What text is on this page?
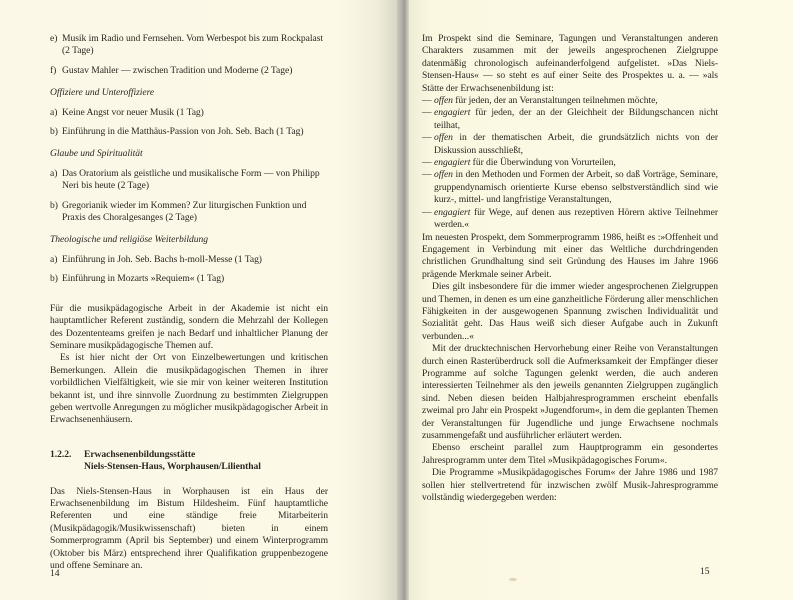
e) Musik im Radio und Fernsehen. Vom Werbespot bis zum Rockpalast (2 Tage)
f) Gustav Mahler — zwischen Tradition und Moderne (2 Tage)
Offiziere und Unteroffiziere
a) Keine Angst vor neuer Musik (1 Tag)
b) Einführung in die Matthäus-Passion von Joh. Seb. Bach (1 Tag)
Glaube und Spiritualität
a) Das Oratorium als geistliche und musikalische Form — von Philipp Neri bis heute (2 Tage)
b) Gregorianik wieder im Kommen? Zur liturgischen Funktion und Praxis des Choralgesanges (2 Tage)
Theologische und religiöse Weiterbildung
a) Einführung in Joh. Seb. Bachs h-moll-Messe (1 Tag)
b) Einführung in Mozarts »Requiem« (1 Tag)

Für die musikpädagogische Arbeit in der Akademie ist nicht ein hauptamtlicher Referent zuständig, sondern die Mehrzahl der Kollegen des Dozententeams greifen je nach Bedarf und inhaltlicher Planung der Seminare musikpädagogische Themen auf.

Es ist hier nicht der Ort von Einzelbewertungen und kritischen Bemerkungen. Allein die musikpädagogischen Themen in ihrer vorbildlichen Vielfältigkeit, wie sie mir von keiner weiteren Institution bekannt ist, und ihre sinnvolle Zuordnung zu bestimmten Zielgruppen geben wertvolle Anregungen zu möglicher musikpädagogischer Arbeit in Erwachsenenhäusern.

1.2.2.	Erwachsenenbildungsstätte
Niels-Stensen-Haus, Worphausen/Lilienthal

Das Niels-Stensen-Haus in Worphausen ist ein Haus der Erwachsenenbildung im Bistum Hildesheim. Fünf hauptamtliche Referenten und eine ständige freie Mitarbeiterin (Musikpädagogik/Musikwissenschaft) bieten in einem Sommerprogramm (April bis September) und einem Winterprogramm (Oktober bis März) entsprechend ihrer Qualifikation gruppenbezogene und offene Seminare an.

14

Im Prospekt sind die Seminare, Tagungen und Veranstaltungen anderen Charakters zusammen mit der jeweils angesprochenen Zielgruppe datenmäßig chronologisch aufeinanderfolgend aufgelistet. »Das Niels-Stensen-Haus« — so steht es auf einer Seite des Prospektes u. a. — »als Stätte der Erwachsenenbildung ist:

— offen für jeden, der an Veranstaltungen teilnehmen möchte,
— engagiert für jeden, der an der Gleichheit der Bildungschancen nicht teilhat,
— offen in der thematischen Arbeit, die grundsätzlich nichts von der Diskussion ausschließt,
— engagiert für die Überwindung von Vorurteilen,
— offen in den Methoden und Formen der Arbeit, so daß Vorträge, Seminare, gruppendynamisch orientierte Kurse ebenso selbstverständlich sind wie kurz-, mittel- und langfristige Veranstaltungen,
— engagiert für Wege, auf denen aus rezeptiven Hörern aktive Teilnehmer werden.«

Im neuesten Prospekt, dem Sommerprogramm 1986, heißt es :»Offenheit und Engagement in Verbindung mit einer das Weltliche durchdringenden christlichen Grundhaltung sind seit Gründung des Hauses im Jahre 1966 prägende Merkmale seiner Arbeit.

Dies gilt insbesondere für die immer wieder angesprochenen Zielgruppen und Themen, in denen es um eine ganzheitliche Förderung aller menschlichen Fähigkeiten in der ausgewogenen Spannung zwischen Individualität und Sozialität geht. Das Haus weiß sich dieser Aufgabe auch in Zukunft verbunden...«

Mit der drucktechnischen Hervorhebung einer Reihe von Veranstaltungen durch einen Rasterüberdruck soll die Aufmerksamkeit der Empfänger dieser Programme auf solche Tagungen gelenkt werden, die auch anderen interessierten Teilnehmer als den jeweils genannten Zielgruppen zugänglich sind. Neben diesen beiden Halbjahresprogrammen erscheint ebenfalls zweimal pro Jahr ein Prospekt »Jugendforum«, in dem die geplanten Themen der Veranstaltungen für Jugendliche und junge Erwachsene nochmals zusammengefaßt und ausführlicher erläutert werden.

Ebenso erscheint parallel zum Hauptprogramm ein gesondertes Jahresprogramm unter dem Titel »Musikpädagogisches Forum«.

Die Programme »Musikpädagogisches Forum« der Jahre 1986 und 1987 sollen hier stellvertretend für inzwischen zwölf Musik-Jahresprogramme vollständig wiedergegeben werden:

15
